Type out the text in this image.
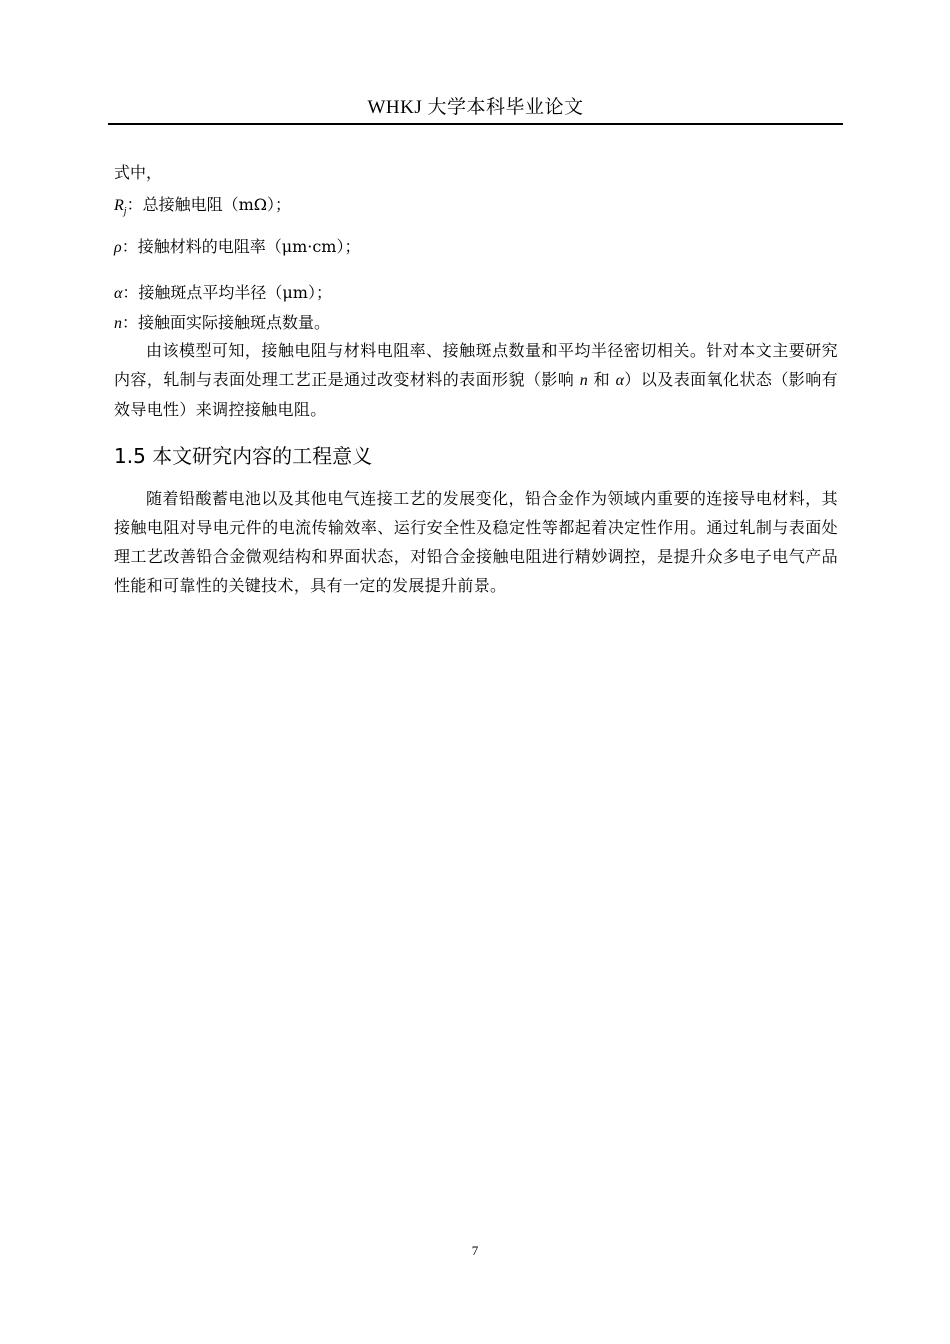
WHKJ 大学本科毕业论文
式中，
$R_j$：总接触电阻（mΩ）；
ρ：接触材料的电阻率（μm·cm）；
α：接触斑点平均半径（μm）；
n：接触面实际接触斑点数量。
由该模型可知，接触电阻与材料电阻率、接触斑点数量和平均半径密切相关。针对本文主要研究内容，轧制与表面处理工艺正是通过改变材料的表面形貌（影响 n 和 α）以及表面氧化状态（影响有效导电性）来调控接触电阻。
1.5 本文研究内容的工程意义
随着铅酸蓄电池以及其他电气连接工艺的发展变化，铅合金作为领域内重要的连接导电材料，其接触电阻对导电元件的电流传输效率、运行安全性及稳定性等都起着决定性作用。通过轧制与表面处理工艺改善铅合金微观结构和界面状态，对铅合金接触电阻进行精妙调控，是提升众多电子电气产品性能和可靠性的关键技术，具有一定的发展提升前景。
7
